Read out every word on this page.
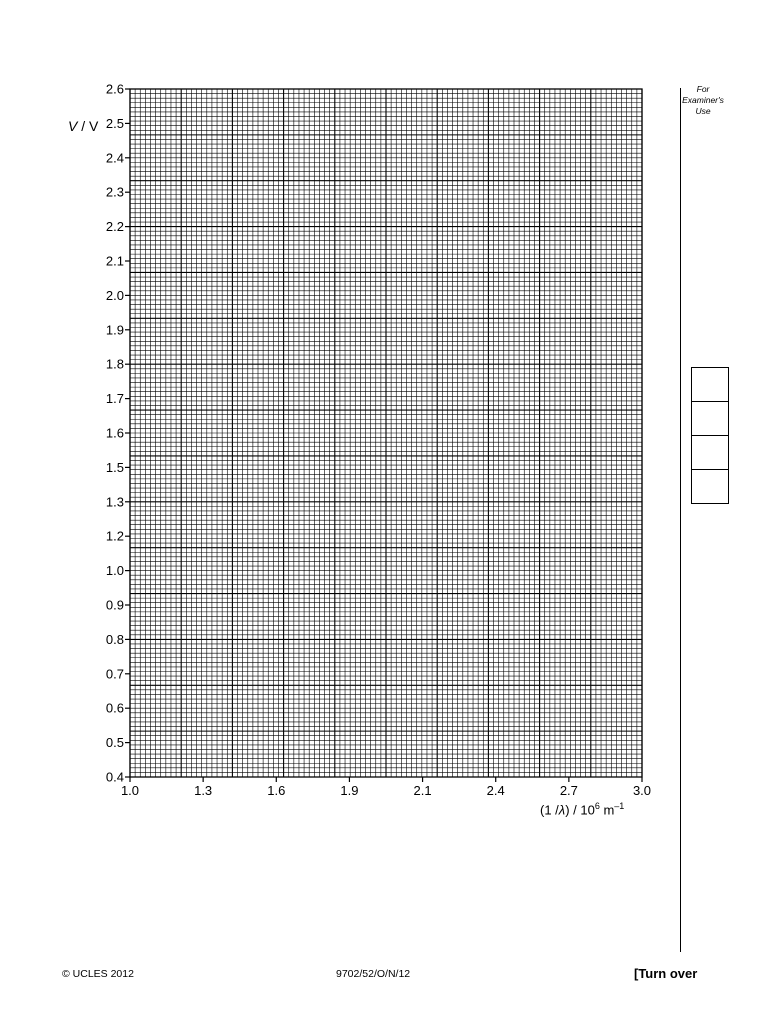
2.6
2.5
2.4
2.3
2.2
2.1
2.0
1.9
1.8
1.7
1.6
1.5
1.3
1.2
1.0
0.9
0.8
0.7
0.6
0.5
0.4
1.0	1.3	1.6	1.9	2.1	2.4	2.7	3.0
V / V
(1 $/\lambda) / 10^6$ $m^{-1}$
For
Examiner's
Use
© UCLES 2012	9702/52/O/N/12	[Turn over
